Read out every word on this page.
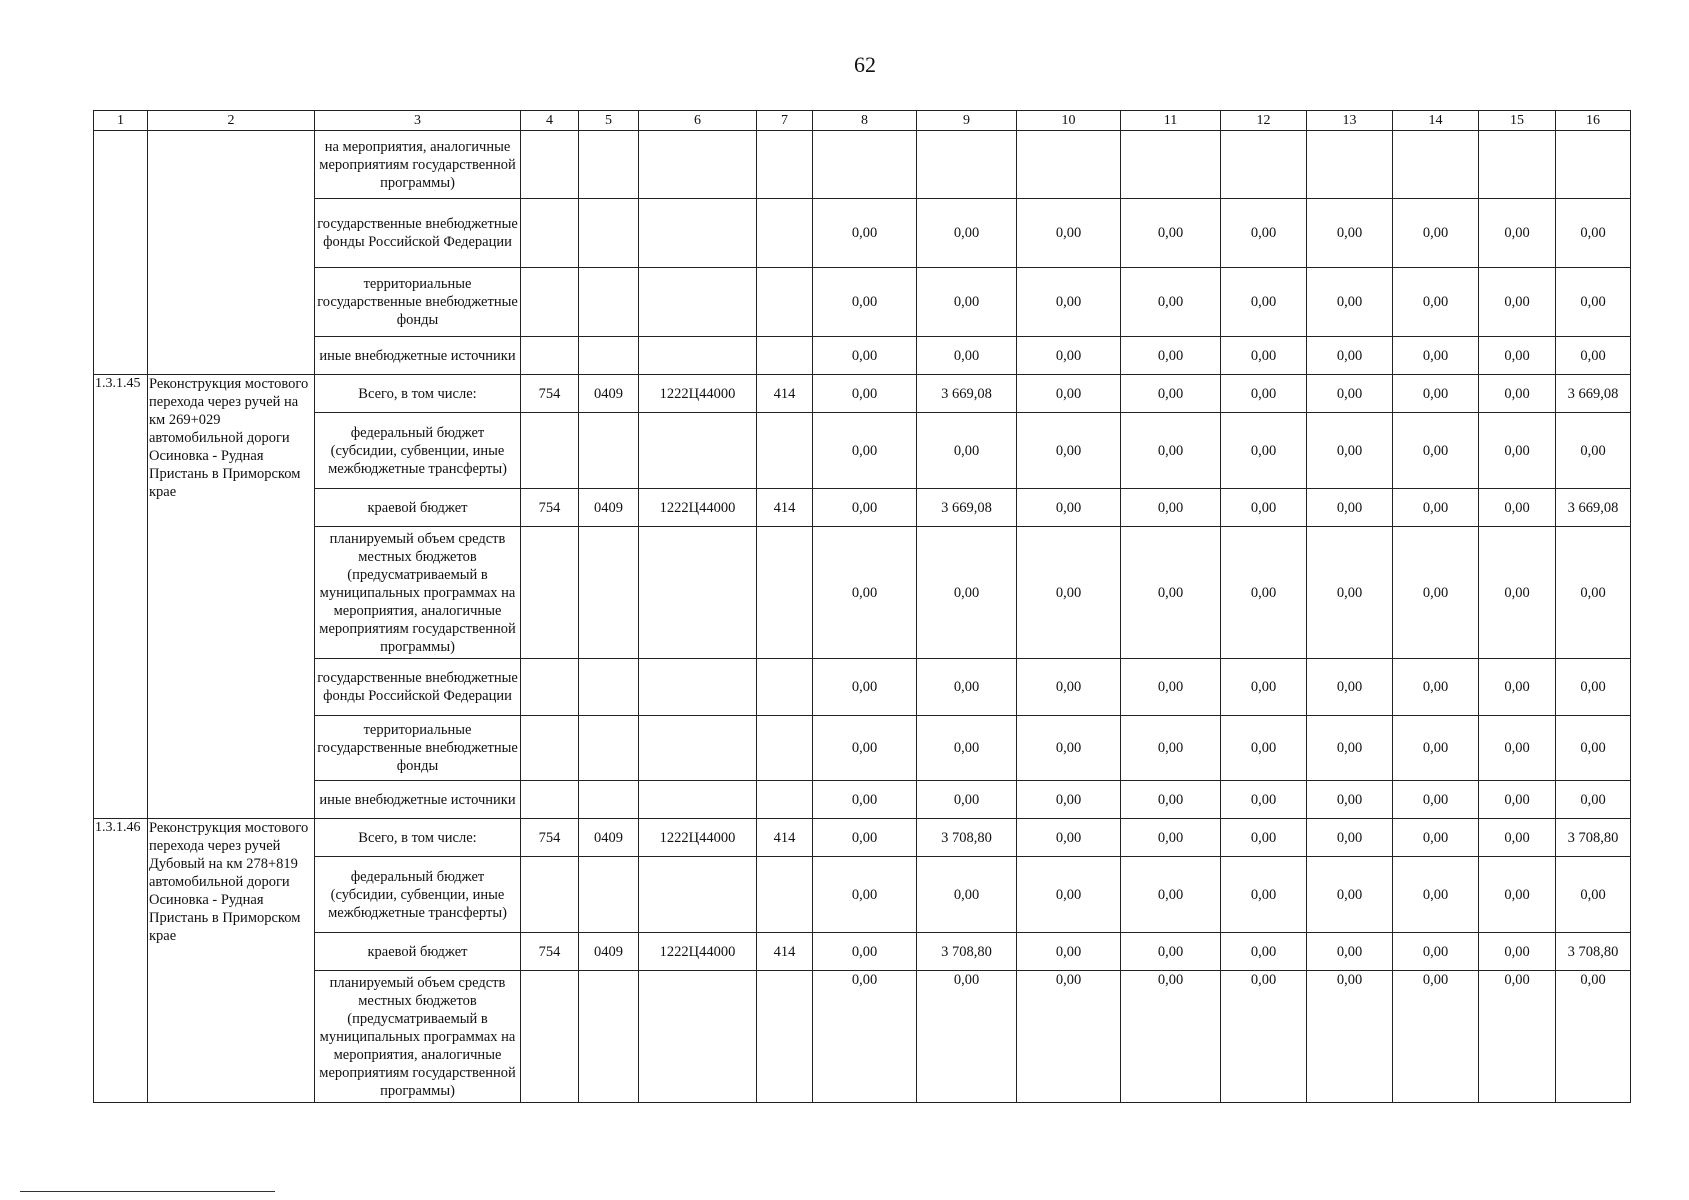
62
1	2	3	4	5	6	7	8	9	10	11	12	13	14	15	16	
		на мероприятия, аналогичные мероприятиям государственной программы)															
		государственные внебюджетные фонды Российской Федерации					0,00	0,00	0,00	0,00	0,00	0,00	0,00	0,00	0,00	
		территориальные государственные внебюджетные фонды					0,00	0,00	0,00	0,00	0,00	0,00	0,00	0,00	0,00	
		иные внебюджетные источники					0,00	0,00	0,00	0,00	0,00	0,00	0,00	0,00	0,00	
1.3.1.45	Реконструкция мостового перехода через ручей на км 269+029 автомобильной дороги Осиновка - Рудная Пристань в Приморском крае	Всего, в том числе:	754	0409	1222Ц44000	414	0,00	3 669,08	0,00	0,00	0,00	0,00	0,00	0,00	3 669,08	
		федеральный бюджет (субсидии, субвенции, иные межбюджетные трансферты)					0,00	0,00	0,00	0,00	0,00	0,00	0,00	0,00	0,00	
		краевой бюджет	754	0409	1222Ц44000	414	0,00	3 669,08	0,00	0,00	0,00	0,00	0,00	0,00	3 669,08	
		планируемый объем средств местных бюджетов (предусматриваемый в муниципальных программах на мероприятия, аналогичные мероприятиям государственной программы)					0,00	0,00	0,00	0,00	0,00	0,00	0,00	0,00	0,00	
		государственные внебюджетные фонды Российской Федерации					0,00	0,00	0,00	0,00	0,00	0,00	0,00	0,00	0,00	
		территориальные государственные внебюджетные фонды					0,00	0,00	0,00	0,00	0,00	0,00	0,00	0,00	0,00	
		иные внебюджетные источники					0,00	0,00	0,00	0,00	0,00	0,00	0,00	0,00	0,00	
1.3.1.46	Реконструкция мостового перехода через ручей Дубовый на км 278+819 автомобильной дороги Осиновка - Рудная Пристань в Приморском крае	Всего, в том числе:	754	0409	1222Ц44000	414	0,00	3 708,80	0,00	0,00	0,00	0,00	0,00	0,00	3 708,80	
		федеральный бюджет (субсидии, субвенции, иные межбюджетные трансферты)					0,00	0,00	0,00	0,00	0,00	0,00	0,00	0,00	0,00	
		краевой бюджет	754	0409	1222Ц44000	414	0,00	3 708,80	0,00	0,00	0,00	0,00	0,00	0,00	3 708,80	
		планируемый объем средств местных бюджетов (предусматриваемый в муниципальных программах на мероприятия, аналогичные мероприятиям государственной программы)					0,00	0,00	0,00	0,00	0,00	0,00	0,00	0,00	0,00	
